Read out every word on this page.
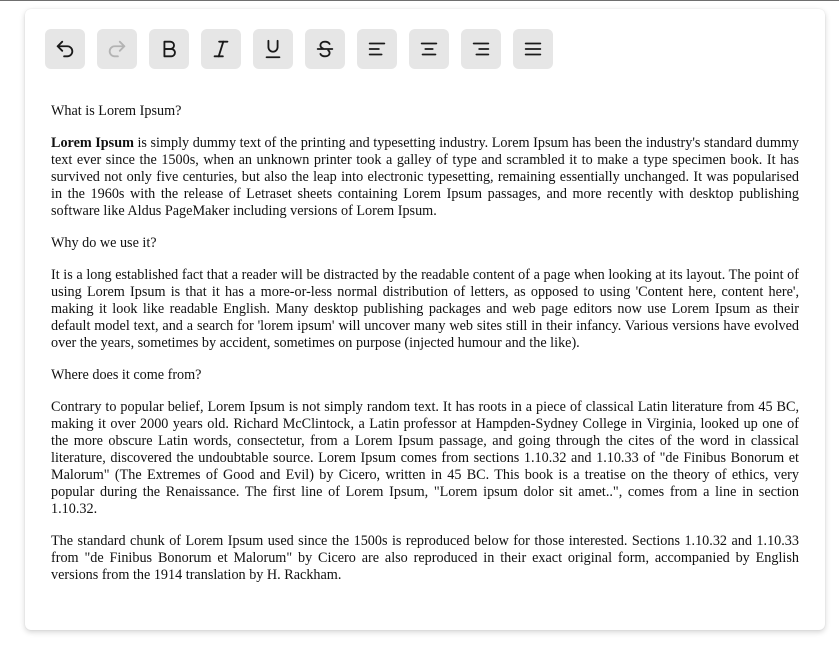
What is Lorem Ipsum?

Lorem Ipsum is simply dummy text of the printing and typesetting industry. Lorem Ipsum has been the industry's standard dummy text ever since the 1500s, when an unknown printer took a galley of type and scrambled it to make a type specimen book. It has survived not only five centuries, but also the leap into electronic typesetting, remaining essentially unchanged. It was popularised in the 1960s with the release of Letraset sheets containing Lorem Ipsum passages, and more recently with desktop publishing software like Aldus PageMaker including versions of Lorem Ipsum.

Why do we use it?

It is a long established fact that a reader will be distracted by the readable content of a page when looking at its layout. The point of using Lorem Ipsum is that it has a more-or-less normal distribution of letters, as opposed to using 'Content here, content here', making it look like readable English. Many desktop publishing packages and web page editors now use Lorem Ipsum as their default model text, and a search for 'lorem ipsum' will uncover many web sites still in their infancy. Various versions have evolved over the years, sometimes by accident, sometimes on purpose (injected humour and the like).

Where does it come from?

Contrary to popular belief, Lorem Ipsum is not simply random text. It has roots in a piece of classical Latin literature from 45 BC, making it over 2000 years old. Richard McClintock, a Latin professor at Hampden-Sydney College in Virginia, looked up one of the more obscure Latin words, consectetur, from a Lorem Ipsum passage, and going through the cites of the word in classical literature, discovered the undoubtable source. Lorem Ipsum comes from sections 1.10.32 and 1.10.33 of "de Finibus Bonorum et Malorum" (The Extremes of Good and Evil) by Cicero, written in 45 BC. This book is a treatise on the theory of ethics, very popular during the Renaissance. The first line of Lorem Ipsum, "Lorem ipsum dolor sit amet..", comes from a line in section 1.10.32.

The standard chunk of Lorem Ipsum used since the 1500s is reproduced below for those interested. Sections 1.10.32 and 1.10.33 from "de Finibus Bonorum et Malorum" by Cicero are also reproduced in their exact original form, accompanied by English versions from the 1914 translation by H. Rackham.
